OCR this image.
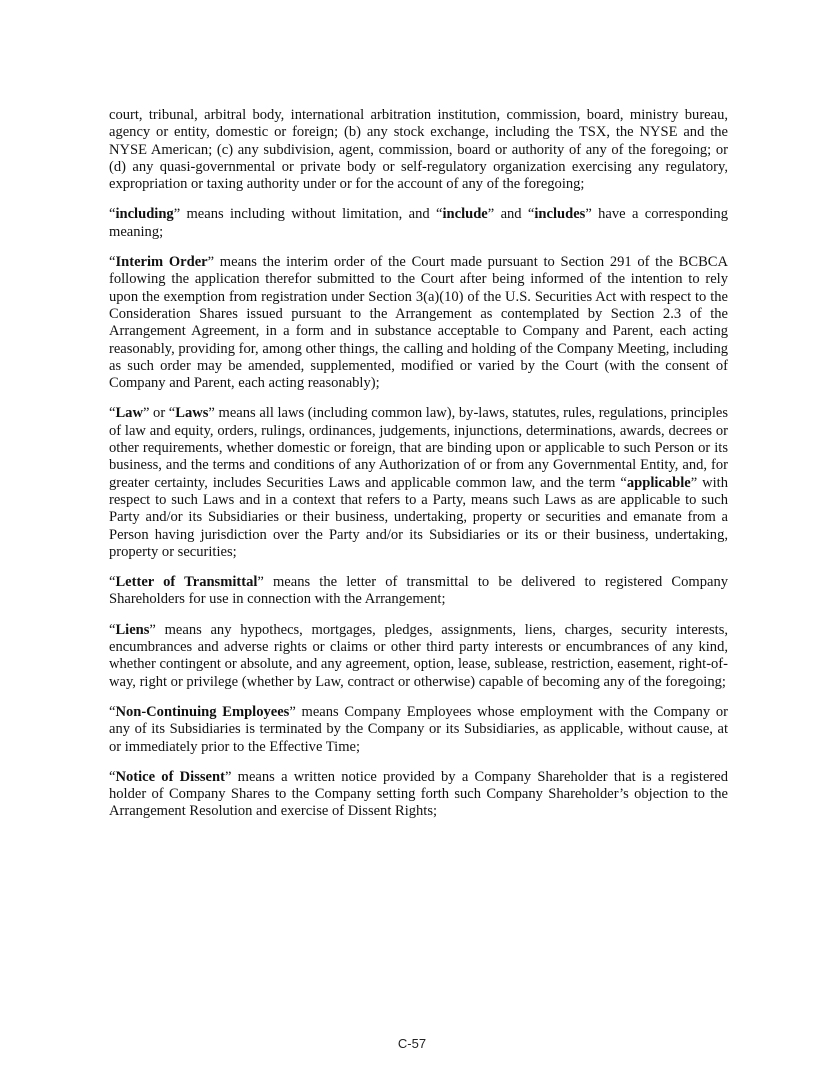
court, tribunal, arbitral body, international arbitration institution, commission, board, ministry bureau, agency or entity, domestic or foreign; (b) any stock exchange, including the TSX, the NYSE and the NYSE American; (c) any subdivision, agent, commission, board or authority of any of the foregoing; or (d) any quasi-governmental or private body or self-regulatory organization exercising any regulatory, expropriation or taxing authority under or for the account of any of the foregoing;

“including” means including without limitation, and “include” and “includes” have a corresponding meaning;

“Interim Order” means the interim order of the Court made pursuant to Section 291 of the BCBCA following the application therefor submitted to the Court after being informed of the intention to rely upon the exemption from registration under Section 3(a)(10) of the U.S. Securities Act with respect to the Consideration Shares issued pursuant to the Arrangement as contemplated by Section 2.3 of the Arrangement Agreement, in a form and in substance acceptable to Company and Parent, each acting reasonably, providing for, among other things, the calling and holding of the Company Meeting, including as such order may be amended, supplemented, modified or varied by the Court (with the consent of Company and Parent, each acting reasonably);

“Law” or “Laws” means all laws (including common law), by-laws, statutes, rules, regulations, principles of law and equity, orders, rulings, ordinances, judgements, injunctions, determinations, awards, decrees or other requirements, whether domestic or foreign, that are binding upon or applicable to such Person or its business, and the terms and conditions of any Authorization of or from any Governmental Entity, and, for greater certainty, includes Securities Laws and applicable common law, and the term “applicable” with respect to such Laws and in a context that refers to a Party, means such Laws as are applicable to such Party and/or its Subsidiaries or their business, undertaking, property or securities and emanate from a Person having jurisdiction over the Party and/or its Subsidiaries or its or their business, undertaking, property or securities;

“Letter of Transmittal” means the letter of transmittal to be delivered to registered Company Shareholders for use in connection with the Arrangement;

“Liens” means any hypothecs, mortgages, pledges, assignments, liens, charges, security interests, encumbrances and adverse rights or claims or other third party interests or encumbrances of any kind, whether contingent or absolute, and any agreement, option, lease, sublease, restriction, easement, right-of-way, right or privilege (whether by Law, contract or otherwise) capable of becoming any of the foregoing;

“Non-Continuing Employees” means Company Employees whose employment with the Company or any of its Subsidiaries is terminated by the Company or its Subsidiaries, as applicable, without cause, at or immediately prior to the Effective Time;

“Notice of Dissent” means a written notice provided by a Company Shareholder that is a registered holder of Company Shares to the Company setting forth such Company Shareholder’s objection to the Arrangement Resolution and exercise of Dissent Rights;

C-57
